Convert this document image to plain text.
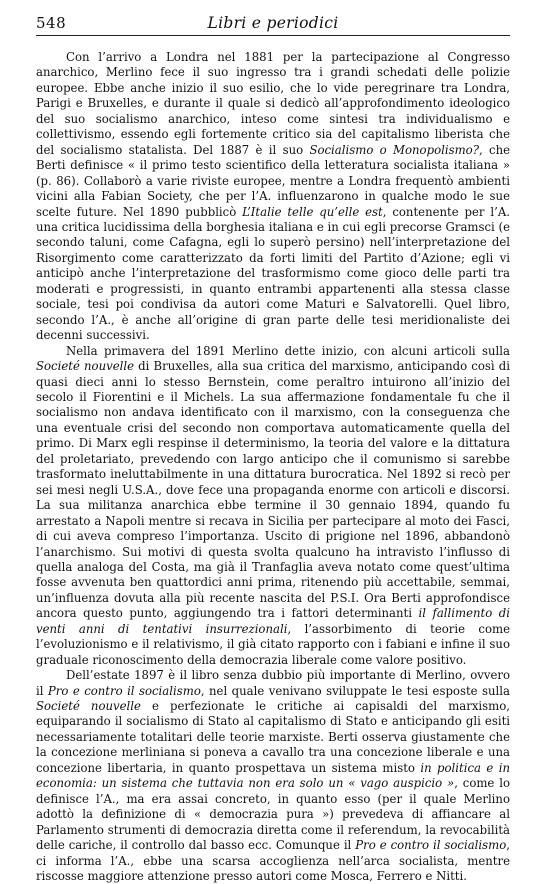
548	Libri e periodici

Con l’arrivo a Londra nel 1881 per la partecipazione al Congresso anarchico, Merlino fece il suo ingresso tra i grandi schedati delle polizie europee. Ebbe anche inizio il suo esilio, che lo vide peregrinare tra Londra, Parigi e Bruxelles, e durante il quale si dedicò all’approfondimento ideologico del suo socialismo anarchico, inteso come sintesi tra individualismo e collettivismo, essendo egli fortemente critico sia del capitalismo liberista che del socialismo statalista. Del 1887 è il suo Socialismo o Monopolismo?, che Berti definisce « il primo testo scientifico della letteratura socialista italiana » (p. 86). Collaborò a varie riviste europee, mentre a Londra frequentò ambienti vicini alla Fabian Society, che per l’A. influenzarono in qualche modo le sue scelte future. Nel 1890 pubblicò L’Italie telle qu’elle est, contenente per l’A. una critica lucidissima della borghesia italiana e in cui egli precorse Gramsci (e secondo taluni, come Cafagna, egli lo superò persino) nell’interpretazione del Risorgimento come caratterizzato da forti limiti del Partito d’Azione; egli vi anticipò anche l’interpretazione del trasformismo come gioco delle parti tra moderati e progressisti, in quanto entrambi appartenenti alla stessa classe sociale, tesi poi condivisa da autori come Maturi e Salvatorelli. Quel libro, secondo l’A., è anche all’origine di gran parte delle tesi meridionaliste dei decenni successivi.

Nella primavera del 1891 Merlino dette inizio, con alcuni articoli sulla Societé nouvelle di Bruxelles, alla sua critica del marxismo, anticipando così di quasi dieci anni lo stesso Bernstein, come peraltro intuirono all’inizio del secolo il Fiorentini e il Michels. La sua affermazione fondamentale fu che il socialismo non andava identificato con il marxismo, con la conseguenza che una eventuale crisi del secondo non comportava automaticamente quella del primo. Di Marx egli respinse il determinismo, la teoria del valore e la dittatura del proletariato, prevedendo con largo anticipo che il comunismo si sarebbe trasformato ineluttabilmente in una dittatura burocratica. Nel 1892 si recò per sei mesi negli U.S.A., dove fece una propaganda enorme con articoli e discorsi. La sua militanza anarchica ebbe termine il 30 gennaio 1894, quando fu arrestato a Napoli mentre si recava in Sicilia per partecipare al moto dei Fasci, di cui aveva compreso l’importanza. Uscito di prigione nel 1896, abbandonò l’anarchismo. Sui motivi di questa svolta qualcuno ha intravisto l’influsso di quella analoga del Costa, ma già il Tranfaglia aveva notato come quest’ultima fosse avvenuta ben quattordici anni prima, ritenendo più accettabile, semmai, un’influenza dovuta alla più recente nascita del P.S.I. Ora Berti approfondisce ancora questo punto, aggiungendo tra i fattori determinanti il fallimento di venti anni di tentativi insurrezionali, l’assorbimento di teorie come l’evoluzionismo e il relativismo, il già citato rapporto con i fabiani e infine il suo graduale riconoscimento della democrazia liberale come valore positivo.

Dell’estate 1897 è il libro senza dubbio più importante di Merlino, ovvero il Pro e contro il socialismo, nel quale venivano sviluppate le tesi esposte sulla Societé nouvelle e perfezionate le critiche ai capisaldi del marxismo, equiparando il socialismo di Stato al capitalismo di Stato e anticipando gli esiti necessariamente totalitari delle teorie marxiste. Berti osserva giustamente che la concezione merliniana si poneva a cavallo tra una concezione liberale e una concezione libertaria, in quanto prospettava un sistema misto in politica e in economia: un sistema che tuttavia non era solo un « vago auspicio », come lo definisce l’A., ma era assai concreto, in quanto esso (per il quale Merlino adottò la definizione di « democrazia pura ») prevedeva di affiancare al Parlamento strumenti di democrazia diretta come il referendum, la revocabilità delle cariche, il controllo dal basso ecc. Comunque il Pro e contro il socialismo, ci informa l’A., ebbe una scarsa accoglienza nell’arca socialista, mentre riscosse maggiore attenzione presso autori come Mosca, Ferrero e Nitti.
